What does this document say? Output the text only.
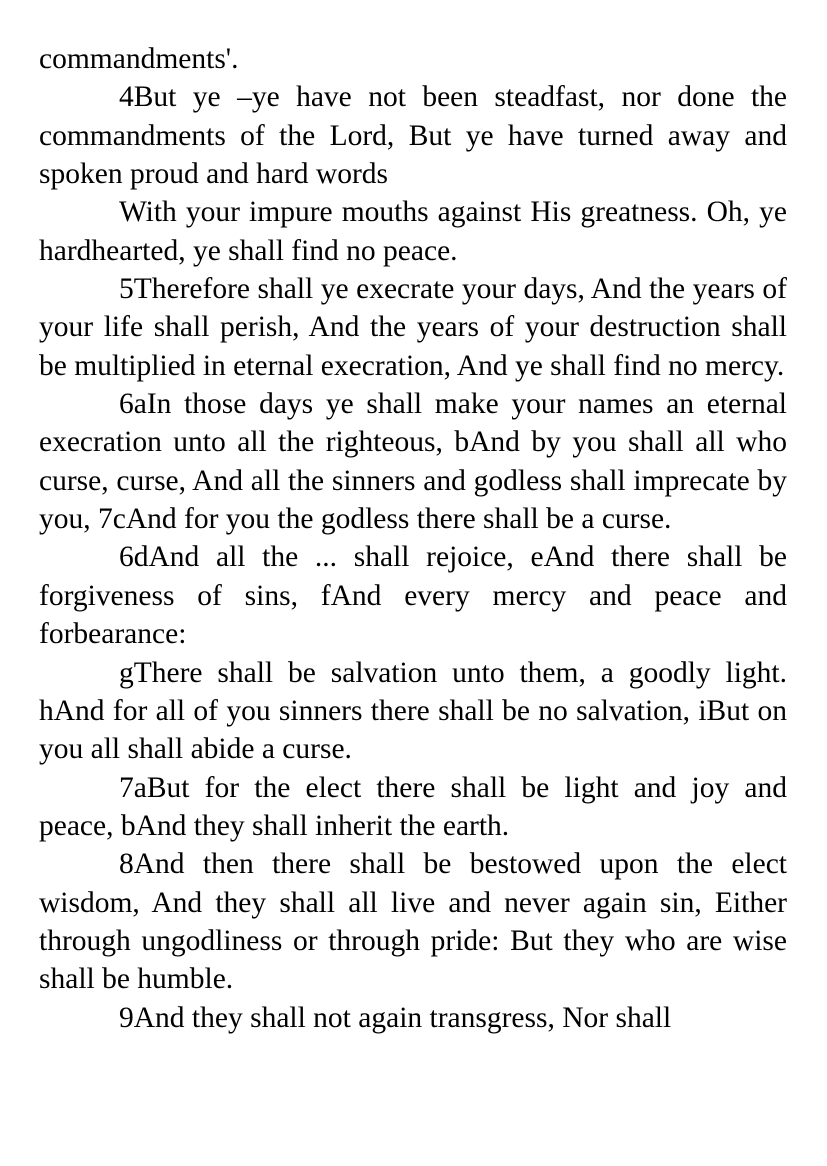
commandments'.

4But ye –ye have not been steadfast, nor done the commandments of the Lord, But ye have turned away and spoken proud and hard words

With your impure mouths against His greatness. Oh, ye hardhearted, ye shall find no peace.

5Therefore shall ye execrate your days, And the years of your life shall perish, And the years of your destruction shall be multiplied in eternal execration, And ye shall find no mercy.

6aIn those days ye shall make your names an eternal execration unto all the righteous, bAnd by you shall all who curse, curse, And all the sinners and godless shall imprecate by you, 7cAnd for you the godless there shall be a curse.

6dAnd all the ... shall rejoice, eAnd there shall be forgiveness of sins, fAnd every mercy and peace and forbearance:

gThere shall be salvation unto them, a goodly light. hAnd for all of you sinners there shall be no salvation, iBut on you all shall abide a curse.

7aBut for the elect there shall be light and joy and peace, bAnd they shall inherit the earth.

8And then there shall be bestowed upon the elect wisdom, And they shall all live and never again sin, Either through ungodliness or through pride: But they who are wise shall be humble.

9And they shall not again transgress, Nor shall
